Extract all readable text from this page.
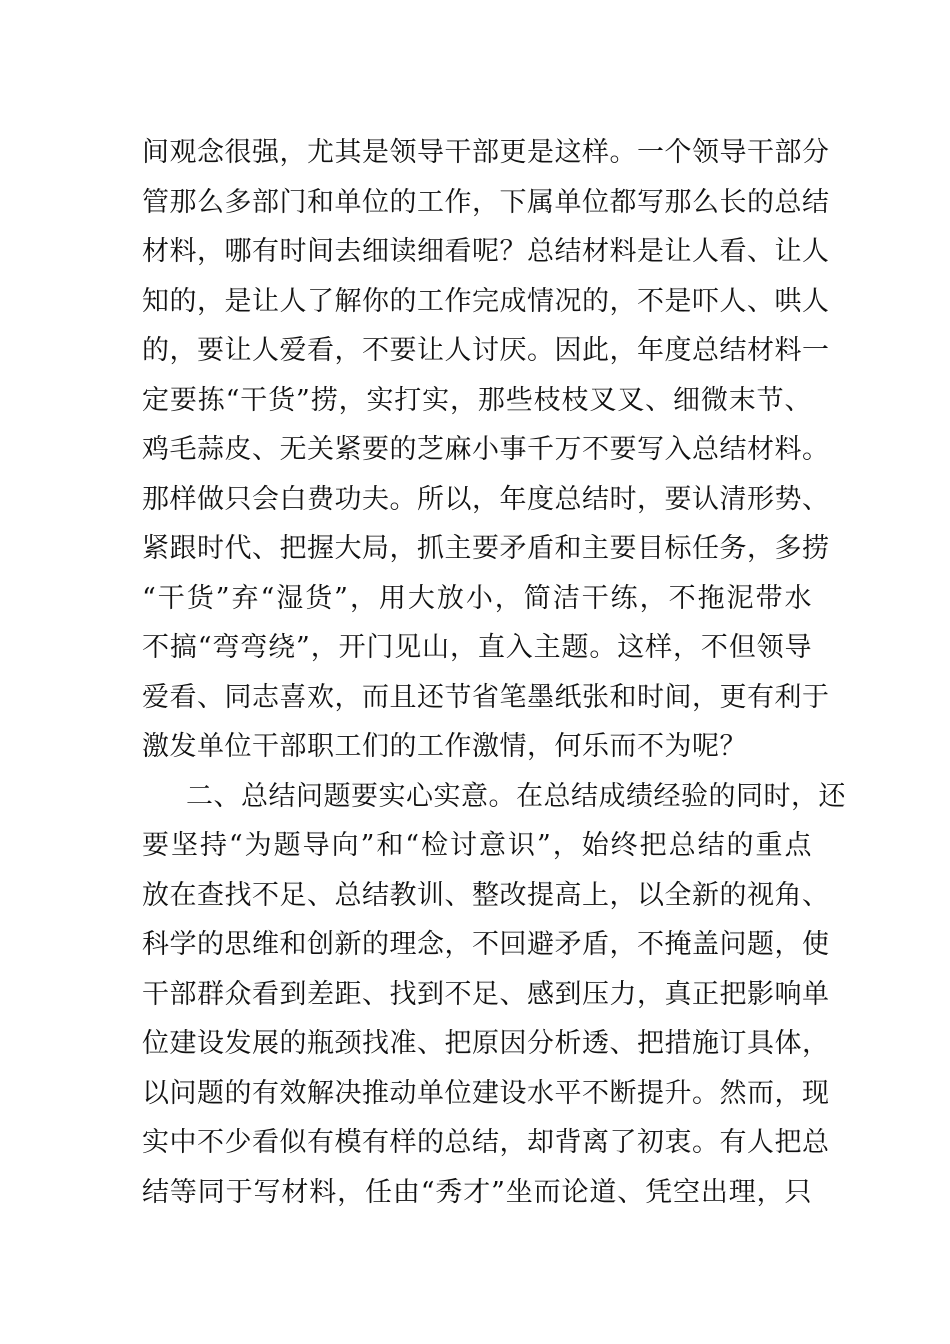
间观念很强，尤其是领导干部更是这样。一个领导干部分
管那么多部门和单位的工作，下属单位都写那么长的总结
材料，哪有时间去细读细看呢？总结材料是让人看、让人
知的，是让人了解你的工作完成情况的，不是吓人、哄人
的，要让人爱看，不要让人讨厌。因此，年度总结材料一
定要拣“干货”捞，实打实，那些枝枝叉叉、细微末节、
鸡毛蒜皮、无关紧要的芝麻小事千万不要写入总结材料。
那样做只会白费功夫。所以，年度总结时，要认清形势、
紧跟时代、把握大局，抓主要矛盾和主要目标任务，多捞
“干货”弃“湿货”，用大放小，简洁干练，不拖泥带水
不搞“弯弯绕”，开门见山，直入主题。这样，不但领导
爱看、同志喜欢，而且还节省笔墨纸张和时间，更有利于
激发单位干部职工们的工作激情，何乐而不为呢？
二、总结问题要实心实意。在总结成绩经验的同时，还
要坚持“为题导向”和“检讨意识”，始终把总结的重点
放在查找不足、总结教训、整改提高上，以全新的视角、
科学的思维和创新的理念，不回避矛盾，不掩盖问题，使
干部群众看到差距、找到不足、感到压力，真正把影响单
位建设发展的瓶颈找准、把原因分析透、把措施订具体，
以问题的有效解决推动单位建设水平不断提升。然而，现
实中不少看似有模有样的总结，却背离了初衷。有人把总
结等同于写材料，任由“秀才”坐而论道、凭空出理，只
